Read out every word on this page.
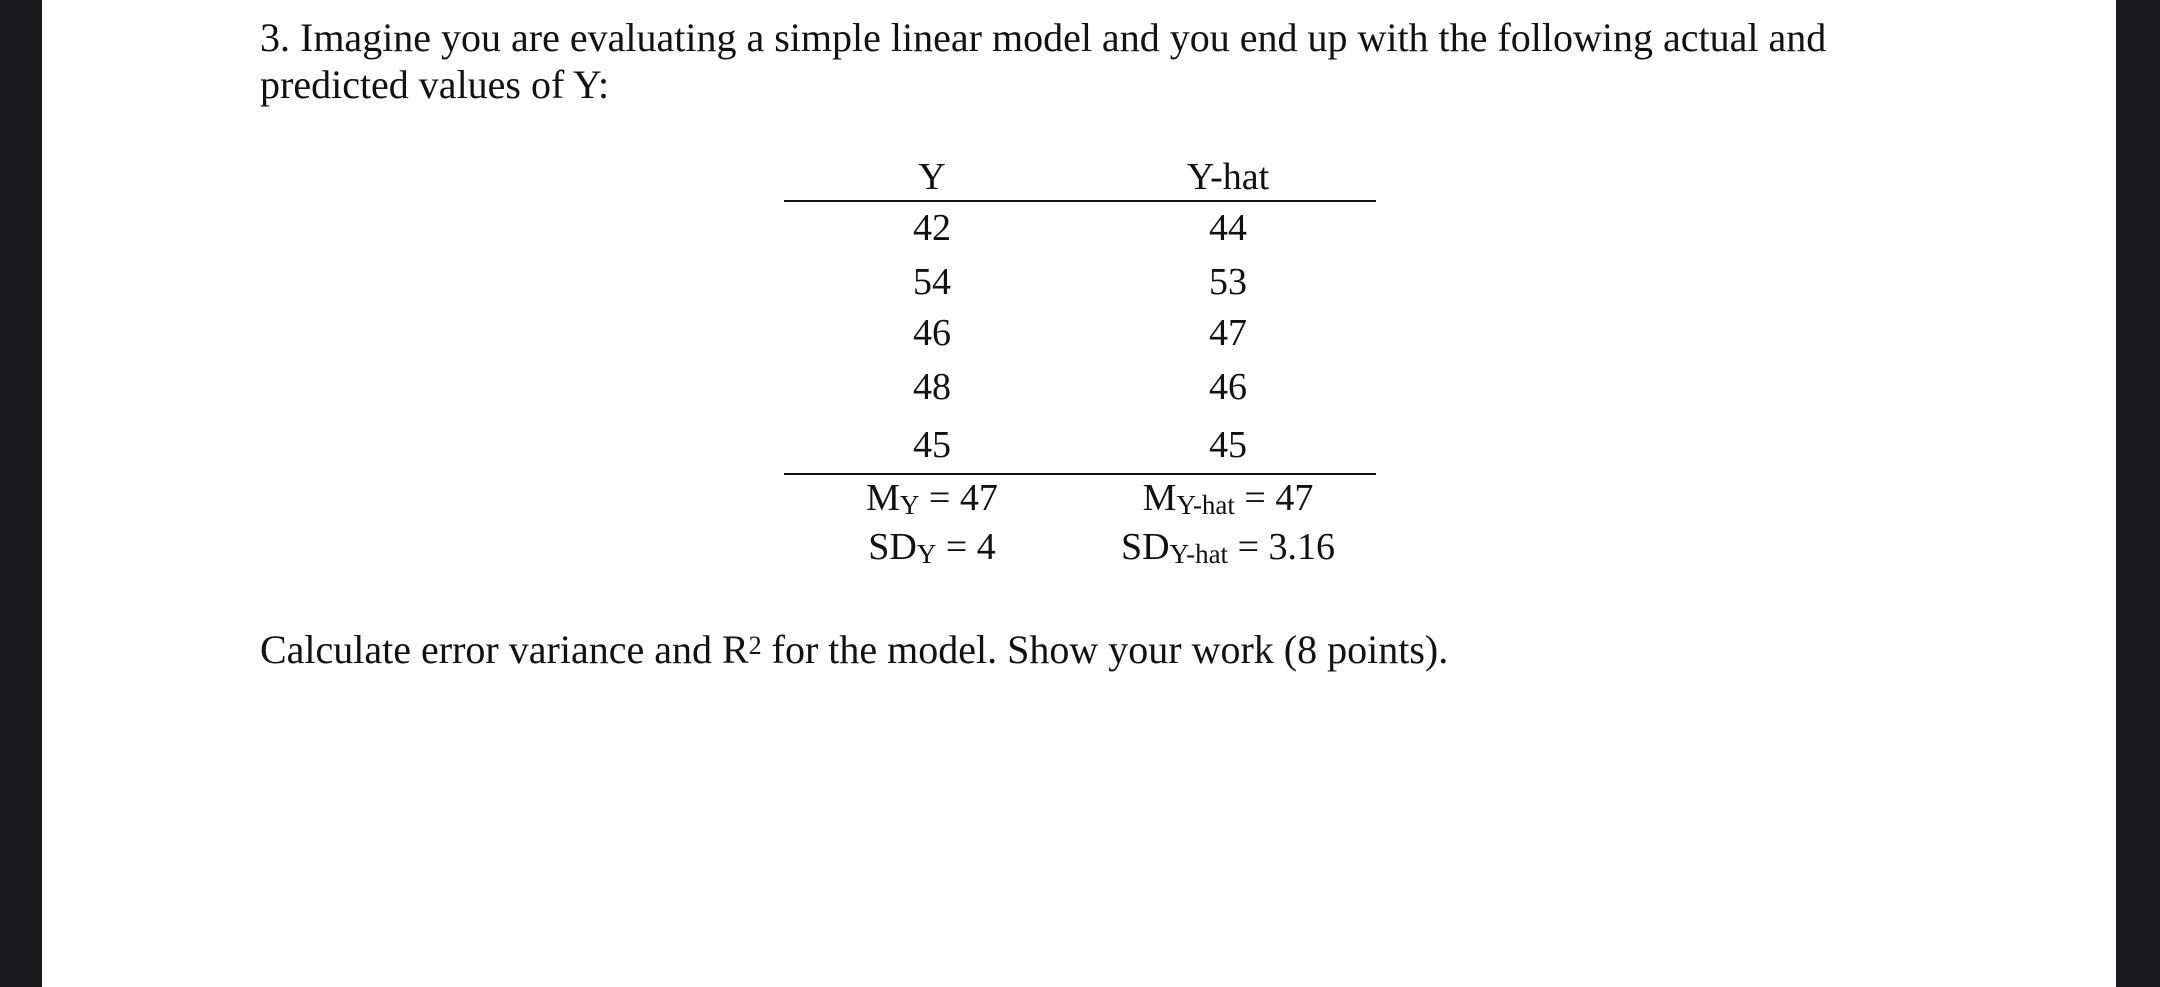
3. Imagine you are evaluating a simple linear model and you end up with the following actual and predicted values of Y:

Y	Y-hat
42	44
54	53
46	47
48	46
45	45
MY = 47	MY-hat = 47
SDY = 4	SDY-hat = 3.16

Calculate error variance and $R^2$ for the model. Show your work (8 points).
